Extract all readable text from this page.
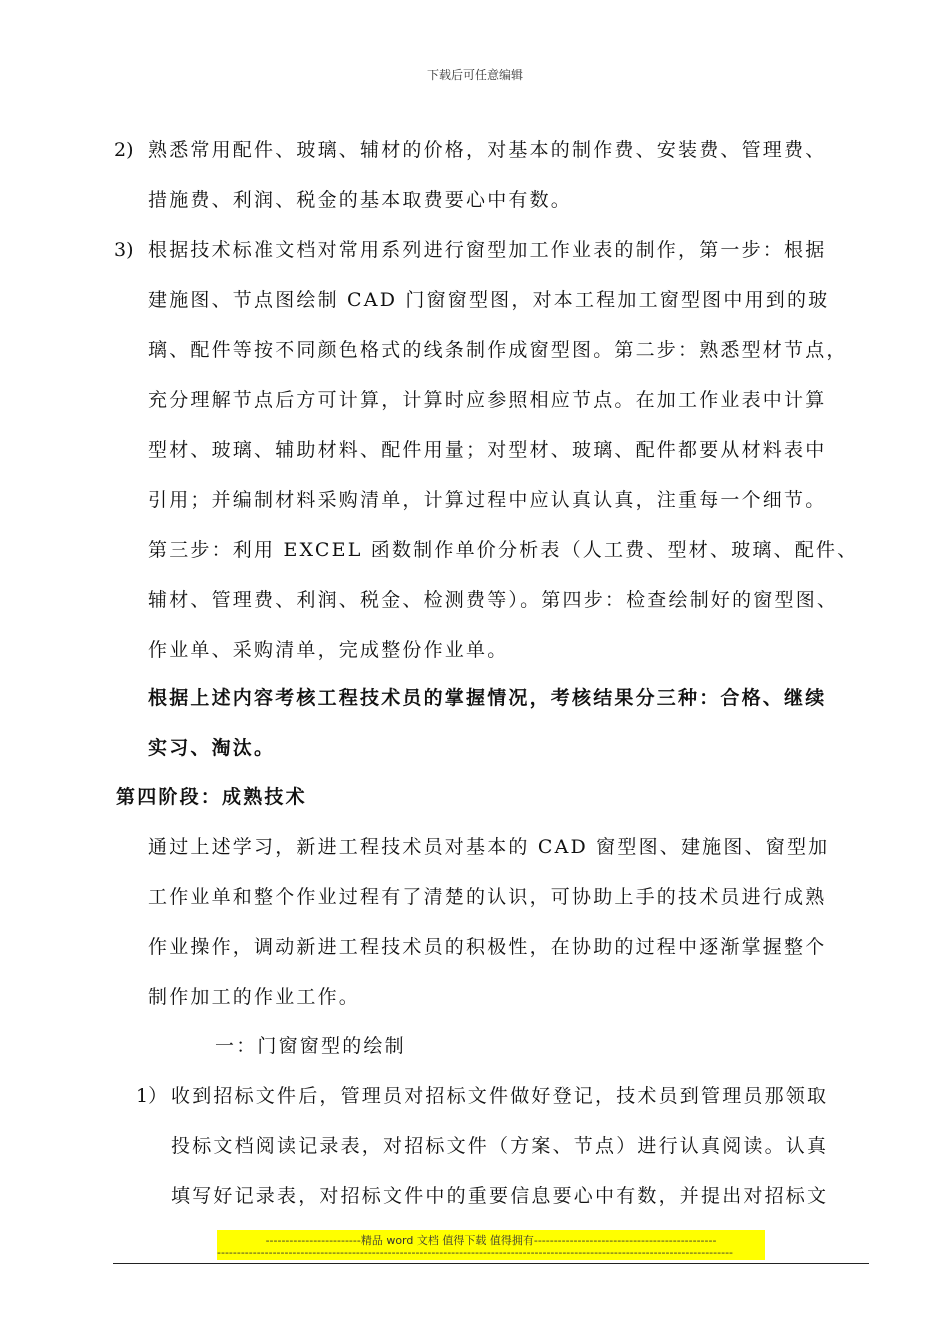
下载后可任意编辑
2) 熟悉常用配件、玻璃、辅材的价格，对基本的制作费、安装费、管理费、
措施费、利润、税金的基本取费要心中有数。
3) 根据技术标准文档对常用系列进行窗型加工作业表的制作，第一步：根据
建施图、节点图绘制 CAD 门窗窗型图，对本工程加工窗型图中用到的玻
璃、配件等按不同颜色格式的线条制作成窗型图。第二步：熟悉型材节点，
充分理解节点后方可计算，计算时应参照相应节点。在加工作业表中计算
型材、玻璃、辅助材料、配件用量；对型材、玻璃、配件都要从材料表中
引用；并编制材料采购清单，计算过程中应认真认真，注重每一个细节。
第三步：利用 EXCEL 函数制作单价分析表（人工费、型材、玻璃、配件、
辅材、管理费、利润、税金、检测费等）。第四步：检查绘制好的窗型图、
作业单、采购清单，完成整份作业单。
根据上述内容考核工程技术员的掌握情况，考核结果分三种：合格、继续
实习、淘汰。
第四阶段：成熟技术
通过上述学习，新进工程技术员对基本的 CAD 窗型图、建施图、窗型加
工作业单和整个作业过程有了清楚的认识，可协助上手的技术员进行成熟
作业操作，调动新进工程技术员的积极性，在协助的过程中逐渐掌握整个
制作加工的作业工作。
一：门窗窗型的绘制
1） 收到招标文件后，管理员对招标文件做好登记，技术员到管理员那领取
投标文档阅读记录表，对招标文件（方案、节点）进行认真阅读。认真
填写好记录表，对招标文件中的重要信息要心中有数，并提出对招标文
------------------------精品 word 文档 值得下载 值得拥有----------------------------------------------
----------------------------------------------------------------------------------------------------------------------------------
